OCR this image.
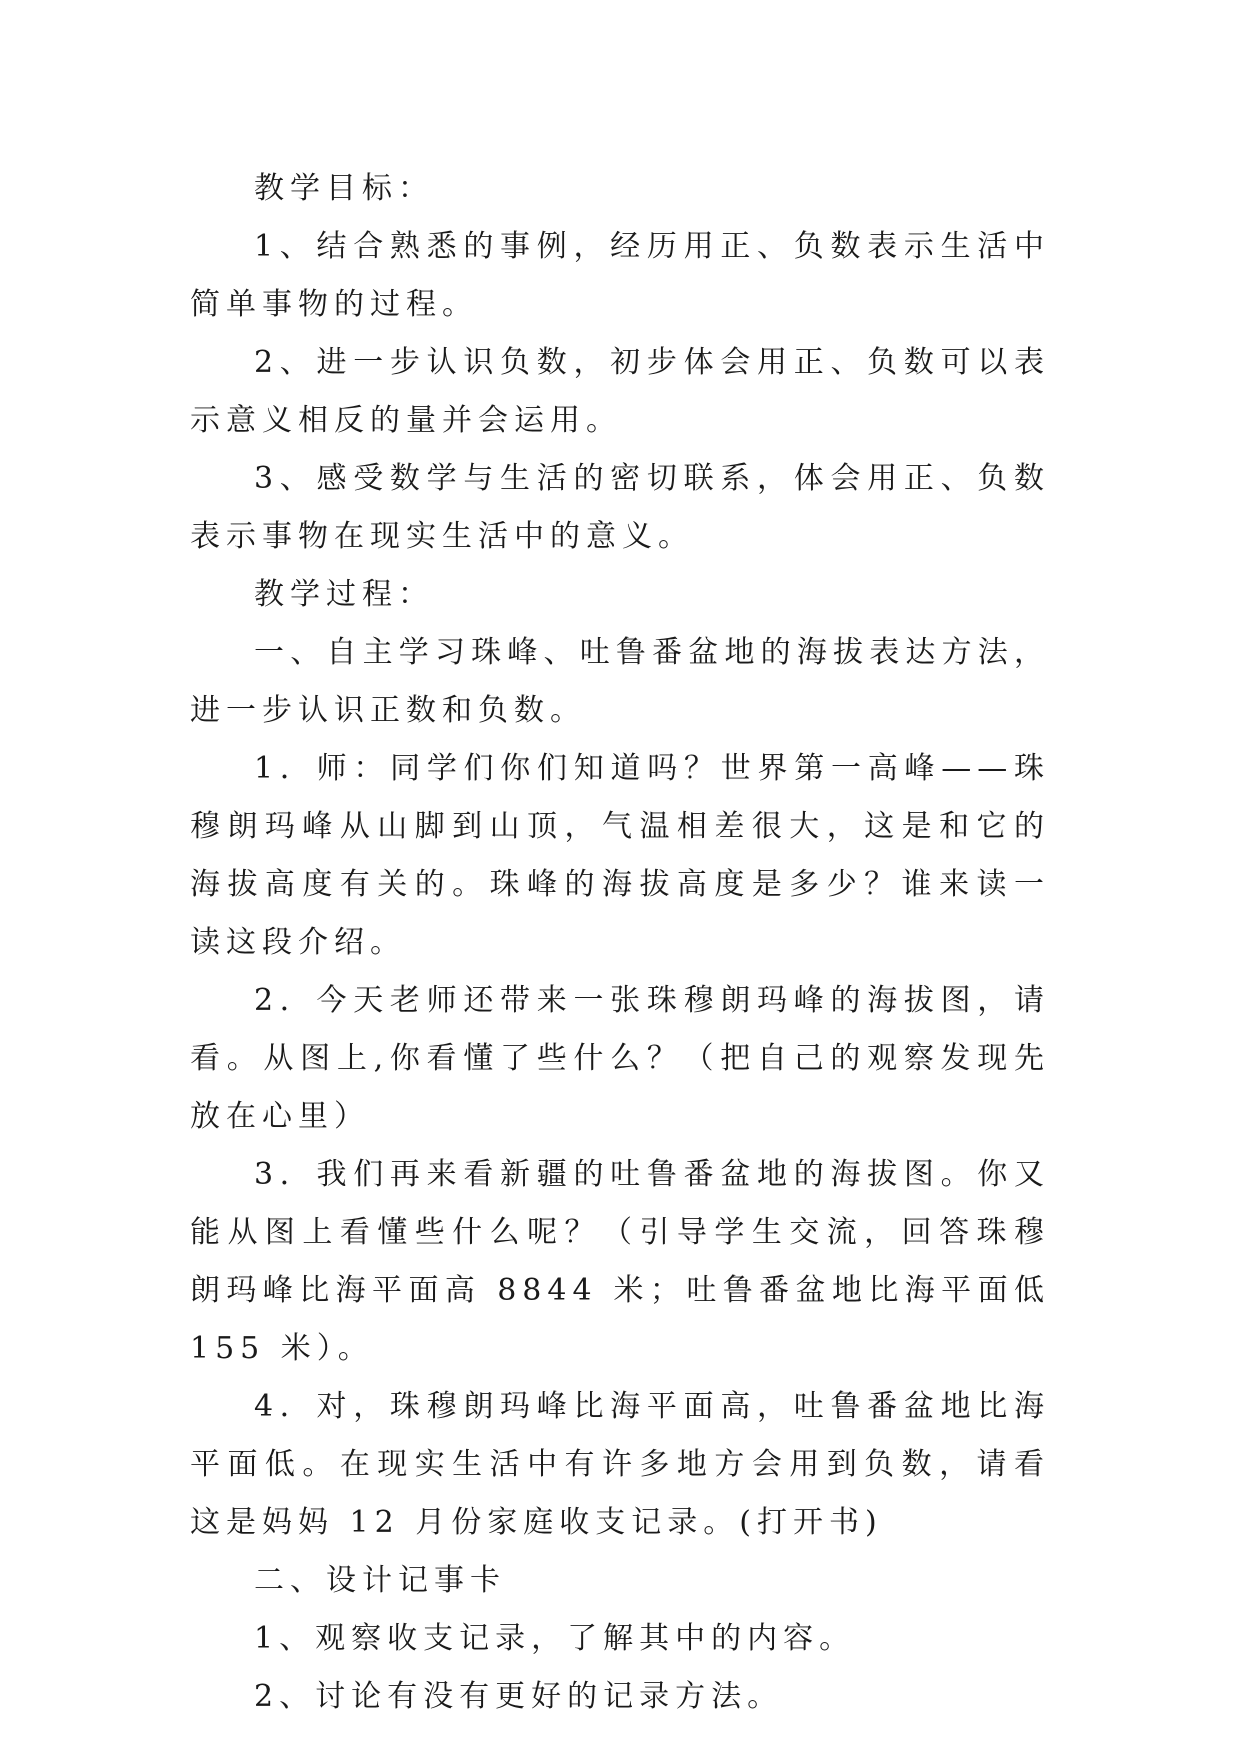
教学目标：

1、结合熟悉的事例，经历用正、负数表示生活中简单事物的过程。

2、进一步认识负数，初步体会用正、负数可以表示意义相反的量并会运用。

3、感受数学与生活的密切联系，体会用正、负数表示事物在现实生活中的意义。

教学过程：

一、自主学习珠峰、吐鲁番盆地的海拔表达方法，进一步认识正数和负数。

1．师：同学们你们知道吗？世界第一高峰——珠穆朗玛峰从山脚到山顶，气温相差很大，这是和它的海拔高度有关的。珠峰的海拔高度是多少？谁来读一读这段介绍。

2．今天老师还带来一张珠穆朗玛峰的海拔图，请看。从图上,你看懂了些什么？（把自己的观察发现先放在心里）

3．我们再来看新疆的吐鲁番盆地的海拔图。你又能从图上看懂些什么呢？（引导学生交流，回答珠穆朗玛峰比海平面高 8844 米；吐鲁番盆地比海平面低 155 米）。

4．对，珠穆朗玛峰比海平面高，吐鲁番盆地比海平面低。在现实生活中有许多地方会用到负数，请看这是妈妈 12 月份家庭收支记录。(打开书)

二、设计记事卡

1、观察收支记录，了解其中的内容。

2、讨论有没有更好的记录方法。
